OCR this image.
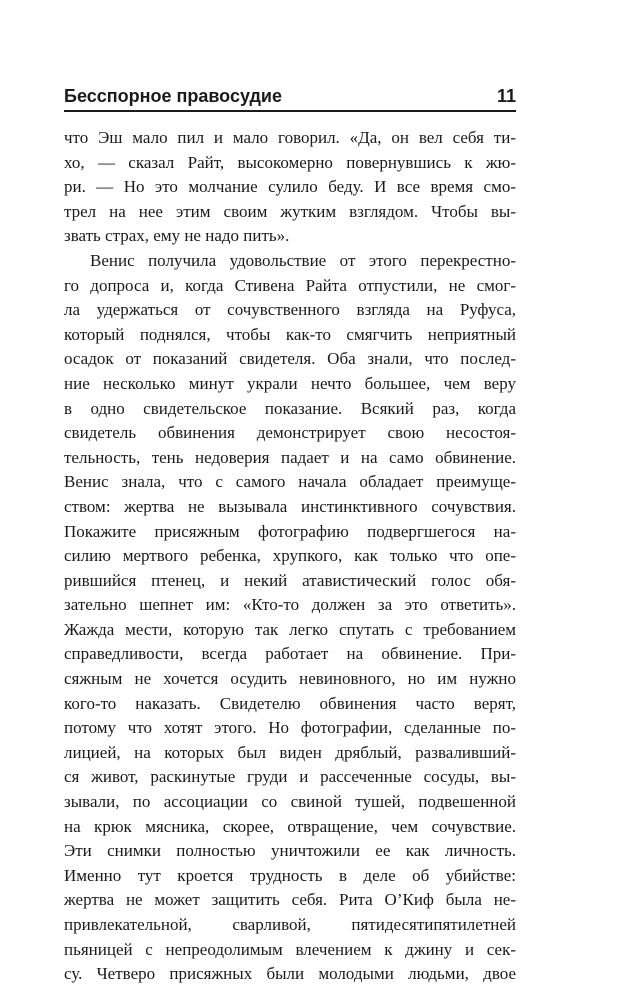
Бесспорное правосудие	11

что Эш мало пил и мало говорил. «Да, он вел себя ти-
хо, — сказал Райт, высокомерно повернувшись к жю-
ри. — Но это молчание сулило беду. И все время смо-
трел на нее этим своим жутким взглядом. Чтобы вы-
звать страх, ему не надо пить».

Венис получила удовольствие от этого перекрестно-
го допроса и, когда Стивена Райта отпустили, не смог-
ла удержаться от сочувственного взгляда на Руфуса,
который поднялся, чтобы как-то смягчить неприятный
осадок от показаний свидетеля. Оба знали, что послед-
ние несколько минут украли нечто большее, чем веру
в одно свидетельское показание. Всякий раз, когда
свидетель обвинения демонстрирует свою несостоя-
тельность, тень недоверия падает и на само обвинение.
Венис знала, что с самого начала обладает преимуще-
ством: жертва не вызывала инстинктивного сочувствия.
Покажите присяжным фотографию подвергшегося на-
силию мертвого ребенка, хрупкого, как только что опе-
рившийся птенец, и некий атавистический голос обя-
зательно шепнет им: «Кто-то должен за это ответить».
Жажда мести, которую так легко спутать с требованием
справедливости, всегда работает на обвинение. При-
сяжным не хочется осудить невиновного, но им нужно
кого-то наказать. Свидетелю обвинения часто верят,
потому что хотят этого. Но фотографии, сделанные по-
лицией, на которых был виден дряблый, разваливший-
ся живот, раскинутые груди и рассеченные сосуды, вы-
зывали, по ассоциации со свиной тушей, подвешенной
на крюк мясника, скорее, отвращение, чем сочувствие.
Эти снимки полностью уничтожили ее как личность.
Именно тут кроется трудность в деле об убийстве:
жертва не может защитить себя. Рита О’Киф была не-
привлекательной, сварливой, пятидесятипятилетней
пьяницей с непреодолимым влечением к джину и сек-
су. Четверо присяжных были молодыми людьми, двое
